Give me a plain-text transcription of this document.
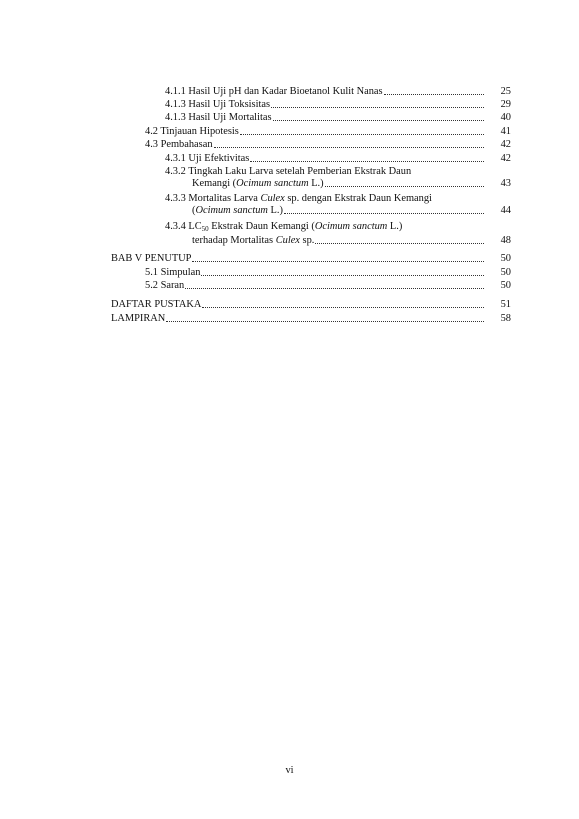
4.1.1 Hasil Uji pH dan Kadar Bioetanol Kulit Nanas	25
4.1.3 Hasil Uji Toksisitas	29
4.1.3 Hasil Uji Mortalitas	40
4.2 Tinjauan Hipotesis	41
4.3 Pembahasan	42
4.3.1 Uji Efektivitas	42
4.3.2 Tingkah Laku Larva setelah Pemberian Ekstrak Daun
Kemangi (Ocimum sanctum L.)	43
4.3.3 Mortalitas Larva Culex sp. dengan Ekstrak Daun Kemangi
(Ocimum sanctum L.)	44
4.3.4 $LC_{50}$ Ekstrak Daun Kemangi (Ocimum sanctum L.)
terhadap Mortalitas Culex sp.	48
BAB V PENUTUP	50
5.1 Simpulan	50
5.2 Saran	50
DAFTAR PUSTAKA	51
LAMPIRAN	58
vi
